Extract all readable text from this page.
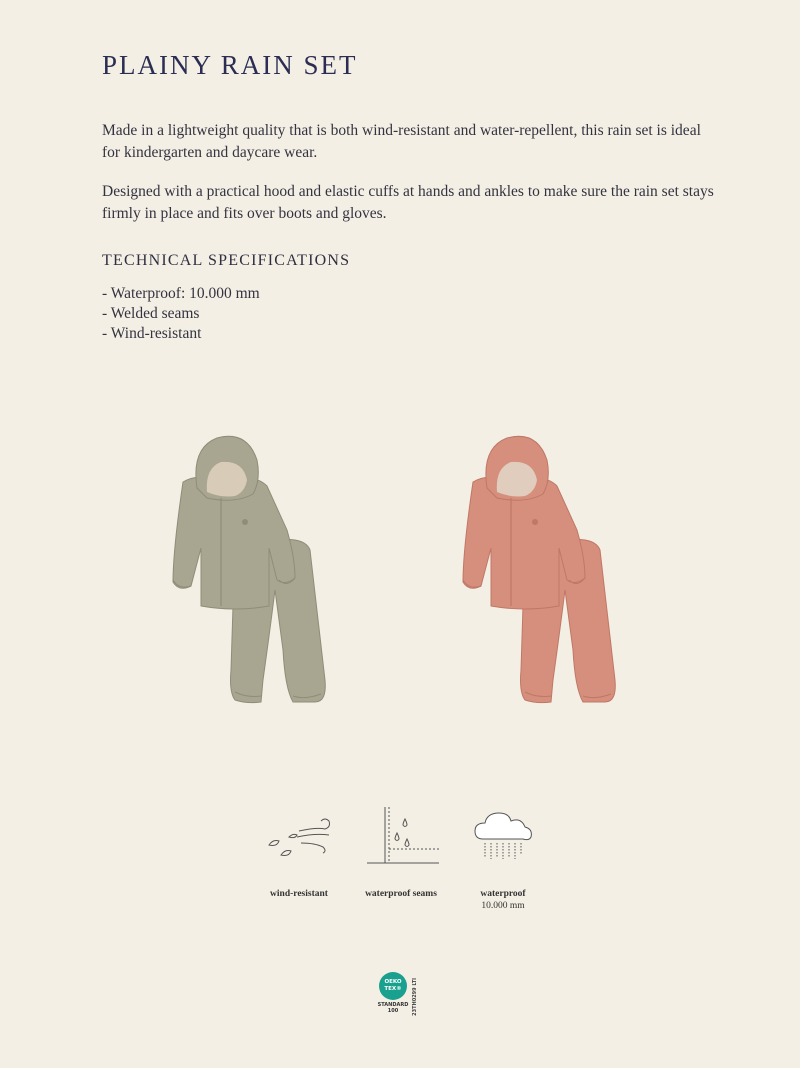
PLAINY RAIN SET

Made in a lightweight quality that is both wind-resistant and water-repellent, this rain set is ideal for kindergarten and daycare wear.

Designed with a practical hood and elastic cuffs at hands and ankles to make sure the rain set stays firmly in place and fits over boots and gloves.

TECHNICAL SPECIFICATIONS
- Waterproof: 10.000 mm
- Welded seams
- Wind-resistant
wind-resistant	waterproof seams	waterproof
10.000 mm
OEKO TEX®
STANDARD 100	23TH0299 LTI
